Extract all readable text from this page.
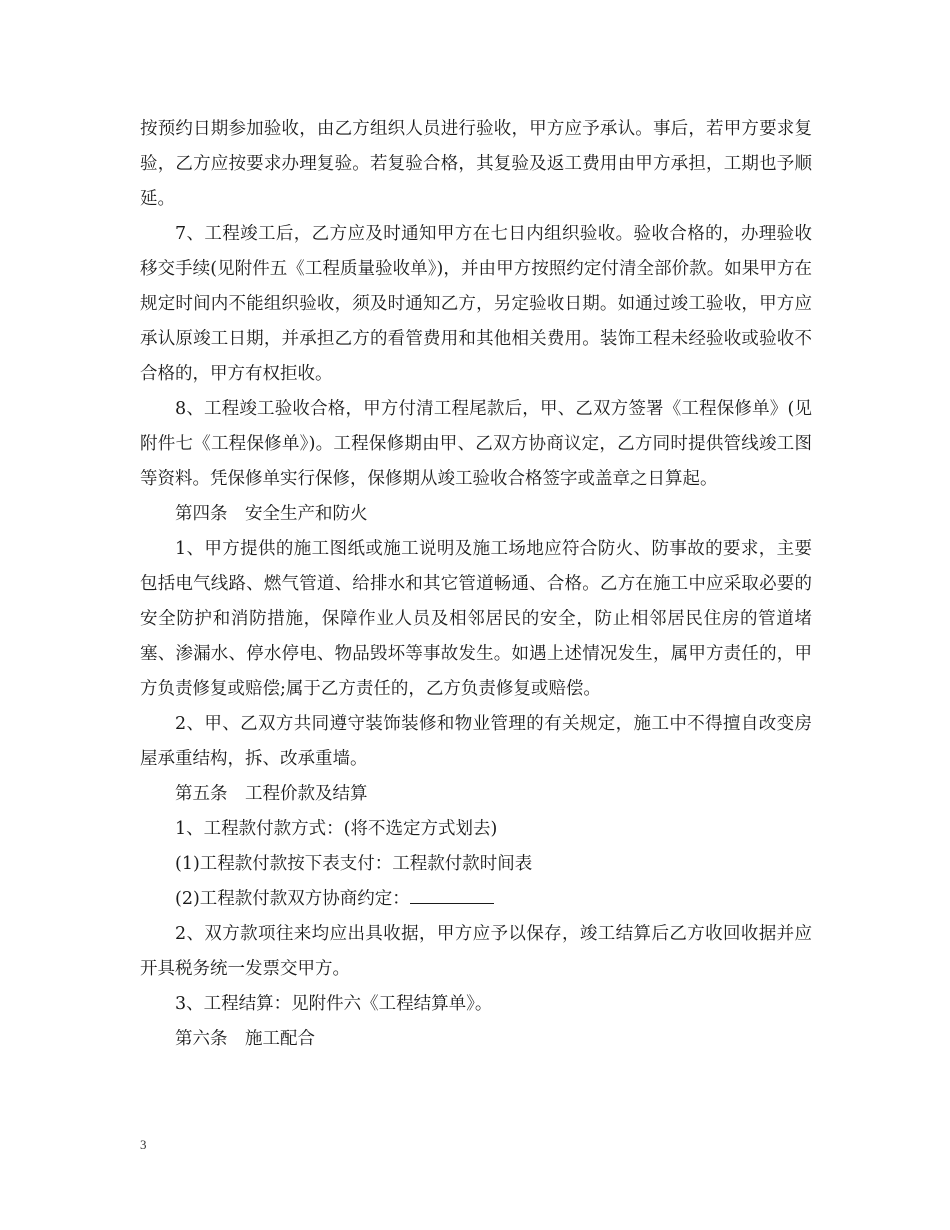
按预约日期参加验收，由乙方组织人员进行验收，甲方应予承认。事后，若甲方要求复验，乙方应按要求办理复验。若复验合格，其复验及返工费用由甲方承担，工期也予顺延。

7、工程竣工后，乙方应及时通知甲方在七日内组织验收。验收合格的，办理验收移交手续(见附件五《工程质量验收单》)，并由甲方按照约定付清全部价款。如果甲方在规定时间内不能组织验收，须及时通知乙方，另定验收日期。如通过竣工验收，甲方应承认原竣工日期，并承担乙方的看管费用和其他相关费用。装饰工程未经验收或验收不合格的，甲方有权拒收。

8、工程竣工验收合格，甲方付清工程尾款后，甲、乙双方签署《工程保修单》(见附件七《工程保修单》)。工程保修期由甲、乙双方协商议定，乙方同时提供管线竣工图等资料。凭保修单实行保修，保修期从竣工验收合格签字或盖章之日算起。

第四条　安全生产和防火

1、甲方提供的施工图纸或施工说明及施工场地应符合防火、防事故的要求，主要包括电气线路、燃气管道、给排水和其它管道畅通、合格。乙方在施工中应采取必要的安全防护和消防措施，保障作业人员及相邻居民的安全，防止相邻居民住房的管道堵塞、渗漏水、停水停电、物品毁坏等事故发生。如遇上述情况发生，属甲方责任的，甲方负责修复或赔偿;属于乙方责任的，乙方负责修复或赔偿。

2、甲、乙双方共同遵守装饰装修和物业管理的有关规定，施工中不得擅自改变房屋承重结构，拆、改承重墙。

第五条　工程价款及结算

1、工程款付款方式：(将不选定方式划去)

(1)工程款付款按下表支付：工程款付款时间表

(2)工程款付款双方协商约定：

2、双方款项往来均应出具收据，甲方应予以保存，竣工结算后乙方收回收据并应开具税务统一发票交甲方。

3、工程结算：见附件六《工程结算单》。

第六条　施工配合

3
